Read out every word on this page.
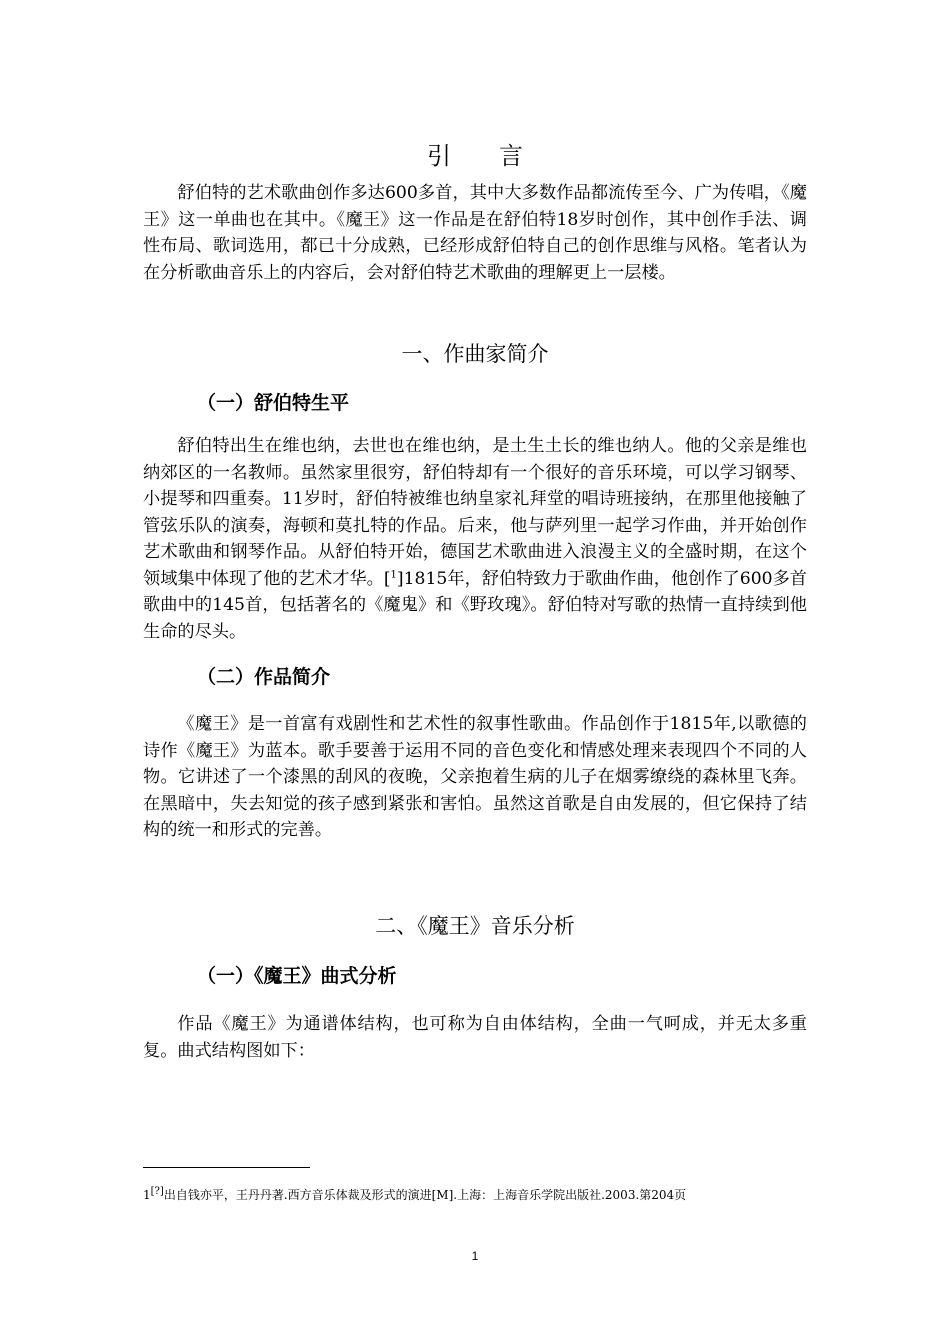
引 言

舒伯特的艺术歌曲创作多达600多首，其中大多数作品都流传至今、广为传唱，《魔王》这一单曲也在其中。《魔王》这一作品是在舒伯特18岁时创作，其中创作手法、调性布局、歌词选用，都已十分成熟，已经形成舒伯特自己的创作思维与风格。笔者认为在分析歌曲音乐上的内容后，会对舒伯特艺术歌曲的理解更上一层楼。

一、作曲家简介
（一）舒伯特生平

舒伯特出生在维也纳，去世也在维也纳，是土生土长的维也纳人。他的父亲是维也纳郊区的一名教师。虽然家里很穷，舒伯特却有一个很好的音乐环境，可以学习钢琴、小提琴和四重奏。11岁时，舒伯特被维也纳皇家礼拜堂的唱诗班接纳，在那里他接触了管弦乐队的演奏，海顿和莫扎特的作品。后来，他与萨列里一起学习作曲，并开始创作艺术歌曲和钢琴作品。从舒伯特开始，德国艺术歌曲进入浪漫主义的全盛时期，在这个领域集中体现了他的艺术才华。[$^1$]1815年，舒伯特致力于歌曲作曲，他创作了600多首歌曲中的145首，包括著名的《魔鬼》和《野玫瑰》。舒伯特对写歌的热情一直持续到他生命的尽头。

（二）作品简介

《魔王》是一首富有戏剧性和艺术性的叙事性歌曲。作品创作于1815年,以歌德的诗作《魔王》为蓝本。歌手要善于运用不同的音色变化和情感处理来表现四个不同的人物。它讲述了一个漆黑的刮风的夜晚，父亲抱着生病的儿子在烟雾缭绕的森林里飞奔。在黑暗中，失去知觉的孩子感到紧张和害怕。虽然这首歌是自由发展的，但它保持了结构的统一和形式的完善。

二、《魔王》音乐分析
（一）《魔王》曲式分析

作品《魔王》为通谱体结构，也可称为自由体结构，全曲一气呵成，并无太多重复。曲式结构图如下：

1[?]出自钱亦平，王丹丹著.西方音乐体裁及形式的演进[M].上海：上海音乐学院出版社.2003.第204页
1
